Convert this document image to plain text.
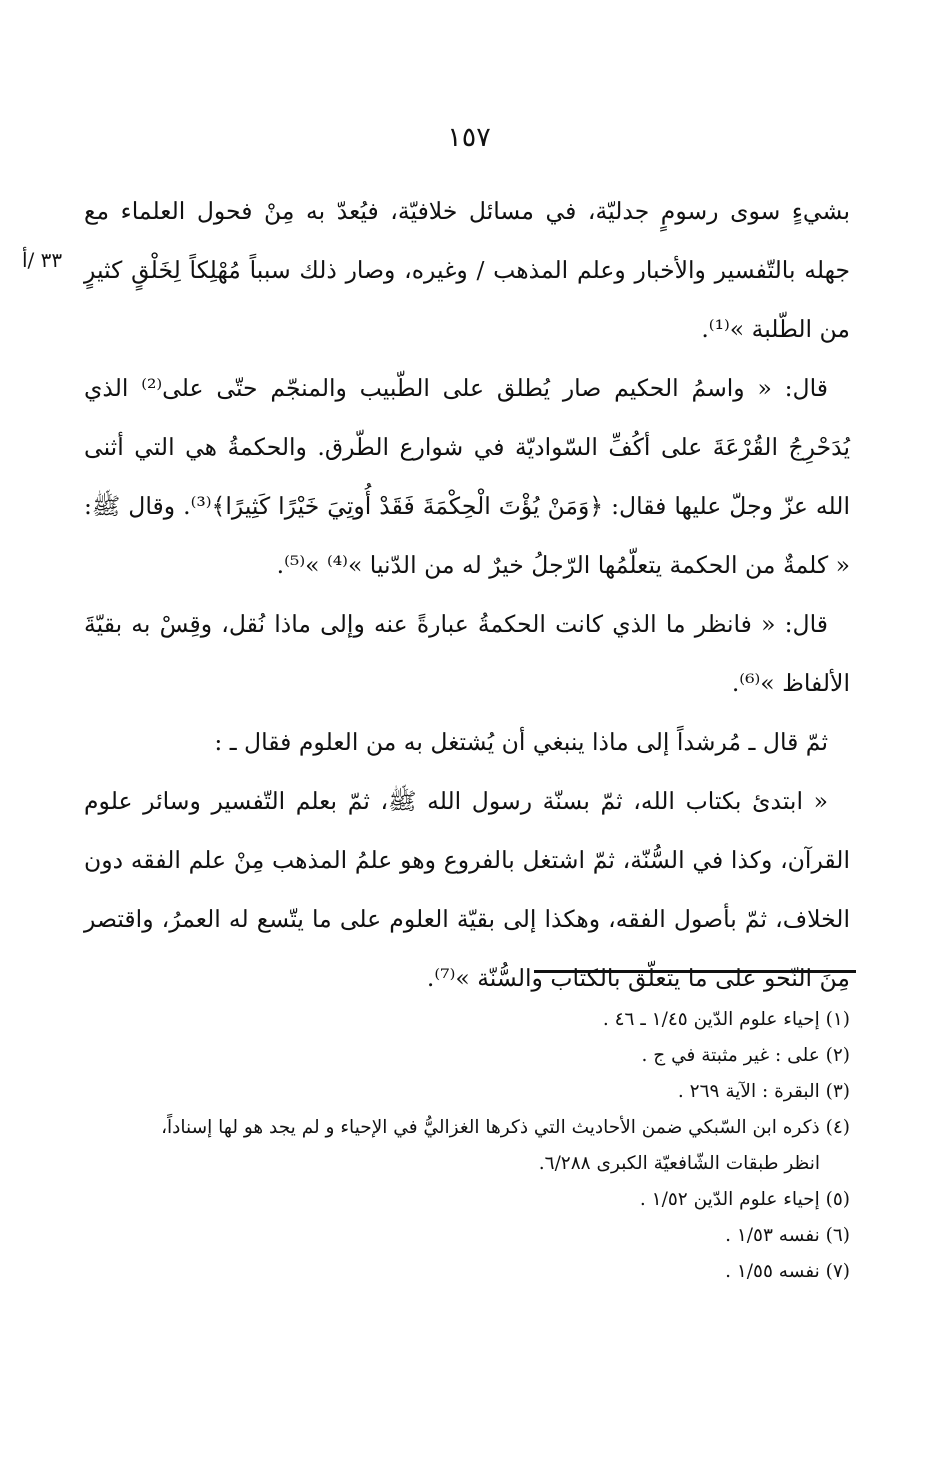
١٥٧
٣٣ /أ

بشيءٍ سوى رسومٍ جدليّة، في مسائل خلافيّة، فيُعدّ به مِنْ فحول العلماء مع جهله بالتّفسير والأخبار وعلم المذهب / وغيره، وصار ذلك سبباً مُهْلِكاً لِخَلْقٍ كثيرٍ من الطّلبة »⁽¹⁾.

قال: « واسمُ الحكيم صار يُطلق على الطّبيب والمنجّم حتّى على⁽²⁾ الذي يُدَحْرِجُ القُرْعَةَ على أكُفِّ السّواديّة في شوارع الطّرق. والحكمةُ هي التي أثنى الله عزّ وجلّ عليها فقال: ﴿وَمَنْ يُؤْتَ الْحِكْمَةَ فَقَدْ أُوتِيَ خَيْرًا كَثِيرًا﴾⁽³⁾. وقال ﷺ: « كلمةٌ من الحكمة يتعلّمُها الرّجلُ خيرٌ له من الدّنيا »⁽⁴⁾ »⁽⁵⁾.

قال: « فانظر ما الذي كانت الحكمةُ عبارةً عنه وإلى ماذا نُقل، وقِسْ به بقيّةَ الألفاظ »⁽⁶⁾.

ثمّ قال ـ مُرشداً إلى ماذا ينبغي أن يُشتغل به من العلوم فقال ـ :

« ابتدئ بكتاب الله، ثمّ بسنّة رسول الله ﷺ، ثمّ بعلم التّفسير وسائر علوم القرآن، وكذا في السُّنّة، ثمّ اشتغل بالفروع وهو علمُ المذهب مِنْ علم الفقه دون الخلاف، ثمّ بأصول الفقه، وهكذا إلى بقيّة العلوم على ما يتّسع له العمرُ، واقتصر مِنَ النّحو على ما يتعلّق بالكتاب والسُّنّة »⁽⁷⁾.

(١) إحياء علوم الدّين ١/٤٥ ـ ٤٦ .

(٢) على : غير مثبتة في ج .

(٣) البقرة : الآية ٢٦٩ .

(٤) ذكره ابن السّبكي ضمن الأحاديث التي ذكرها الغزاليُّ في الإحياء و لم يجد هو لها إسناداً،
انظر طبقات الشّافعيّة الكبرى ٦/٢٨٨.

(٥) إحياء علوم الدّين ١/٥٢ .

(٦) نفسه ١/٥٣ .

(٧) نفسه ١/٥٥ .
